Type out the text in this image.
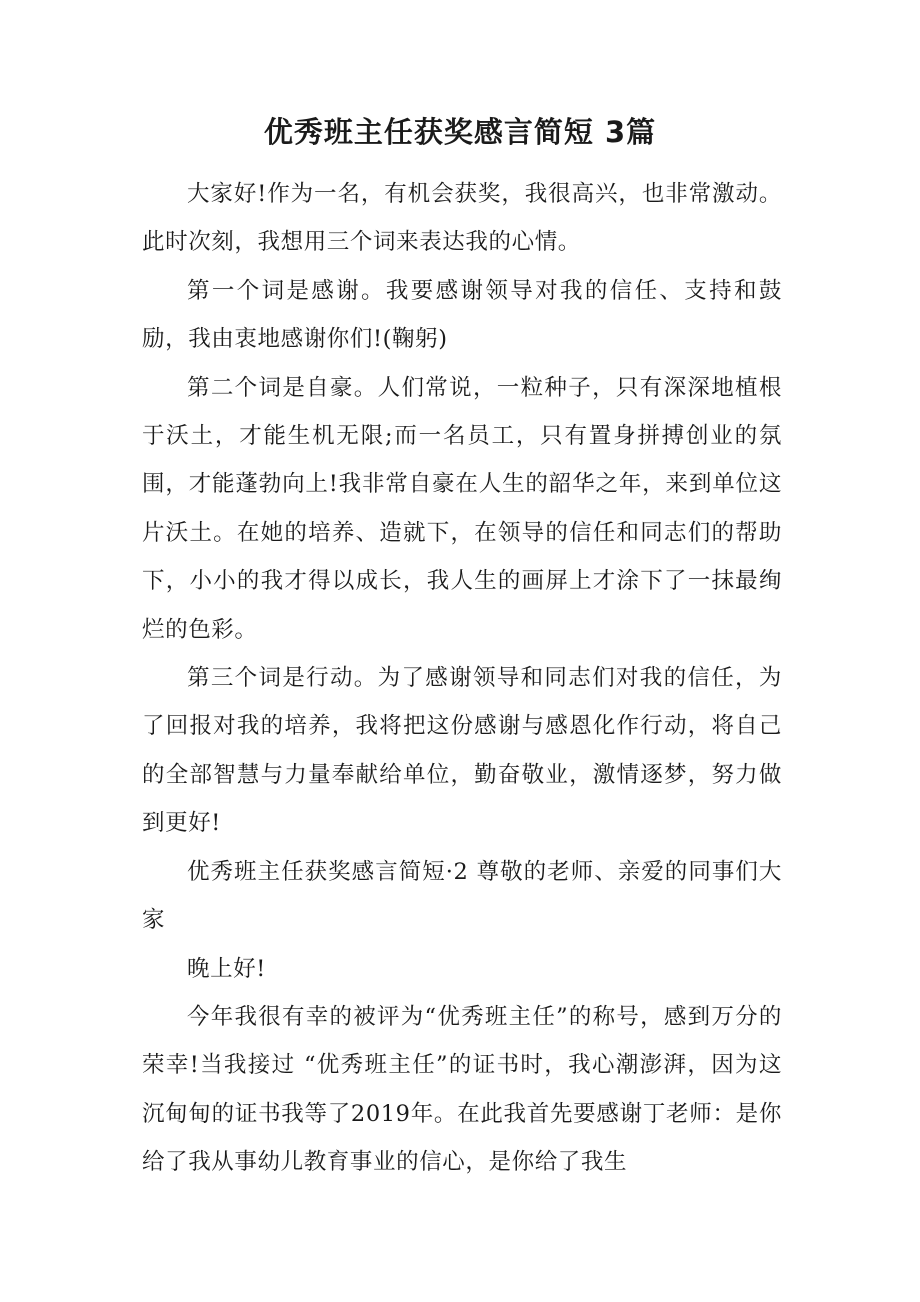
优秀班主任获奖感言简短 3篇

大家好!作为一名，有机会获奖，我很高兴，也非常激动。此时次刻，我想用三个词来表达我的心情。

第一个词是感谢。我要感谢领导对我的信任、支持和鼓励，我由衷地感谢你们!(鞠躬)

第二个词是自豪。人们常说，一粒种子，只有深深地植根于沃土，才能生机无限;而一名员工，只有置身拼搏创业的氛围，才能蓬勃向上!我非常自豪在人生的韶华之年，来到单位这片沃土。在她的培养、造就下，在领导的信任和同志们的帮助下，小小的我才得以成长，我人生的画屏上才涂下了一抹最绚烂的色彩。

第三个词是行动。为了感谢领导和同志们对我的信任，为了回报对我的培养，我将把这份感谢与感恩化作行动，将自己的全部智慧与力量奉献给单位，勤奋敬业，激情逐梦，努力做到更好!

优秀班主任获奖感言简短·2 尊敬的老师、亲爱的同事们大家

晚上好!

今年我很有幸的被评为“优秀班主任”的称号，感到万分的荣幸!当我接过 “优秀班主任”的证书时，我心潮澎湃，因为这沉甸甸的证书我等了2019年。在此我首先要感谢丁老师：是你给了我从事幼儿教育事业的信心，是你给了我生
